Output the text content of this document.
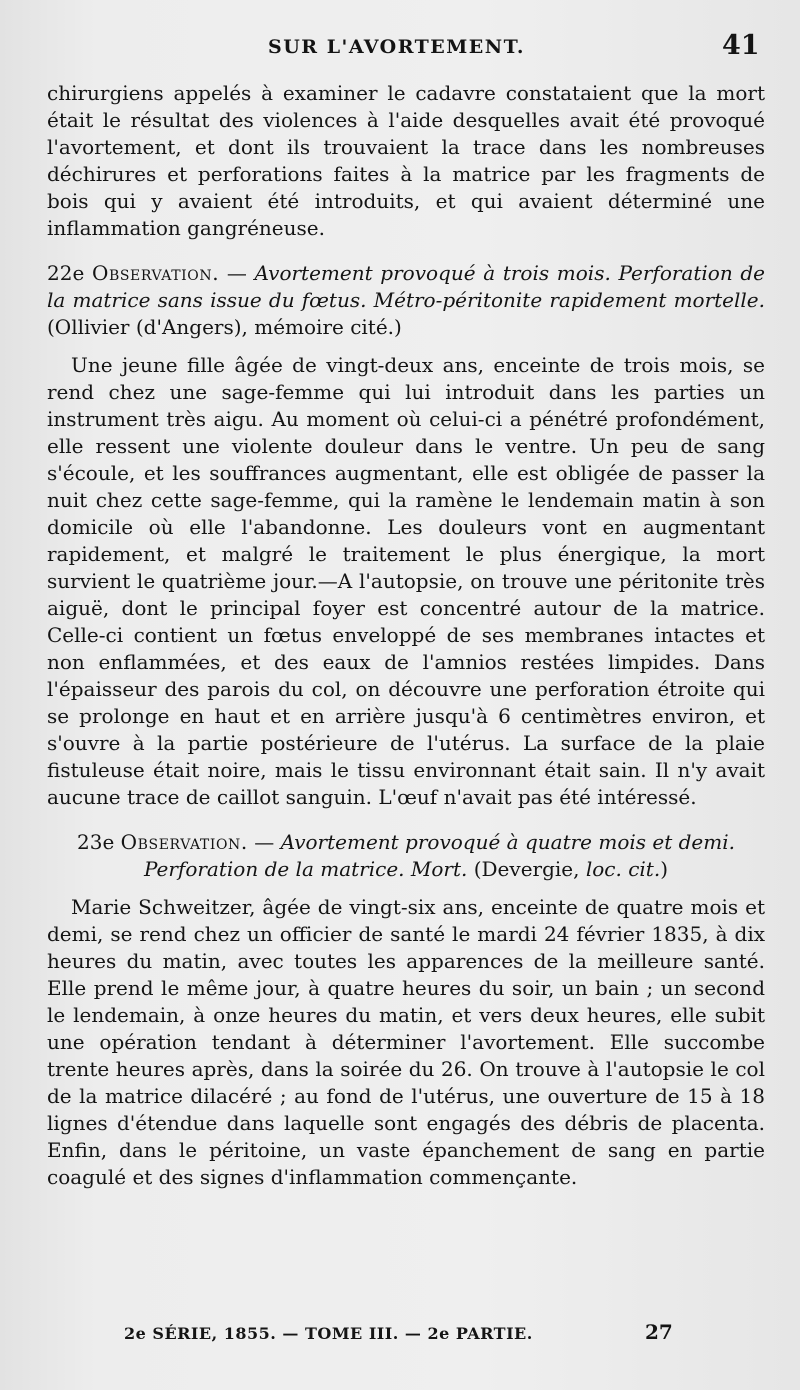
SUR L'AVORTEMENT.	41

chirurgiens appelés à examiner le cadavre constataient que la mort était le résultat des violences à l'aide desquelles avait été provoqué l'avortement, et dont ils trouvaient la trace dans les nombreuses déchirures et perforations faites à la matrice par les fragments de bois qui y avaient été introduits, et qui avaient déterminé une inflammation gangréneuse.

22e Observation. — Avortement provoqué à trois mois. Perforation de la matrice sans issue du fœtus. Métro-péritonite rapidement mortelle. (Ollivier (d'Angers), mémoire cité.)

Une jeune fille âgée de vingt-deux ans, enceinte de trois mois, se rend chez une sage-femme qui lui introduit dans les parties un instrument très aigu. Au moment où celui-ci a pénétré profondément, elle ressent une violente douleur dans le ventre. Un peu de sang s'écoule, et les souffrances augmentant, elle est obligée de passer la nuit chez cette sage-femme, qui la ramène le lendemain matin à son domicile où elle l'abandonne. Les douleurs vont en augmentant rapidement, et malgré le traitement le plus énergique, la mort survient le quatrième jour.—A l'autopsie, on trouve une péritonite très aiguë, dont le principal foyer est concentré autour de la matrice. Celle-ci contient un fœtus enveloppé de ses membranes intactes et non enflammées, et des eaux de l'amnios restées limpides. Dans l'épaisseur des parois du col, on découvre une perforation étroite qui se prolonge en haut et en arrière jusqu'à 6 centimètres environ, et s'ouvre à la partie postérieure de l'utérus. La surface de la plaie fistuleuse était noire, mais le tissu environnant était sain. Il n'y avait aucune trace de caillot sanguin. L'œuf n'avait pas été intéressé.

23e Observation. — Avortement provoqué à quatre mois et demi. Perforation de la matrice. Mort. (Devergie, loc. cit.)

Marie Schweitzer, âgée de vingt-six ans, enceinte de quatre mois et demi, se rend chez un officier de santé le mardi 24 février 1835, à dix heures du matin, avec toutes les apparences de la meilleure santé. Elle prend le même jour, à quatre heures du soir, un bain ; un second le lendemain, à onze heures du matin, et vers deux heures, elle subit une opération tendant à déterminer l'avortement. Elle succombe trente heures après, dans la soirée du 26. On trouve à l'autopsie le col de la matrice dilacéré ; au fond de l'utérus, une ouverture de 15 à 18 lignes d'étendue dans laquelle sont engagés des débris de placenta. Enfin, dans le péritoine, un vaste épanchement de sang en partie coagulé et des signes d'inflammation commençante.

2e SÉRIE, 1855. — TOME III. — 2e PARTIE.	27
